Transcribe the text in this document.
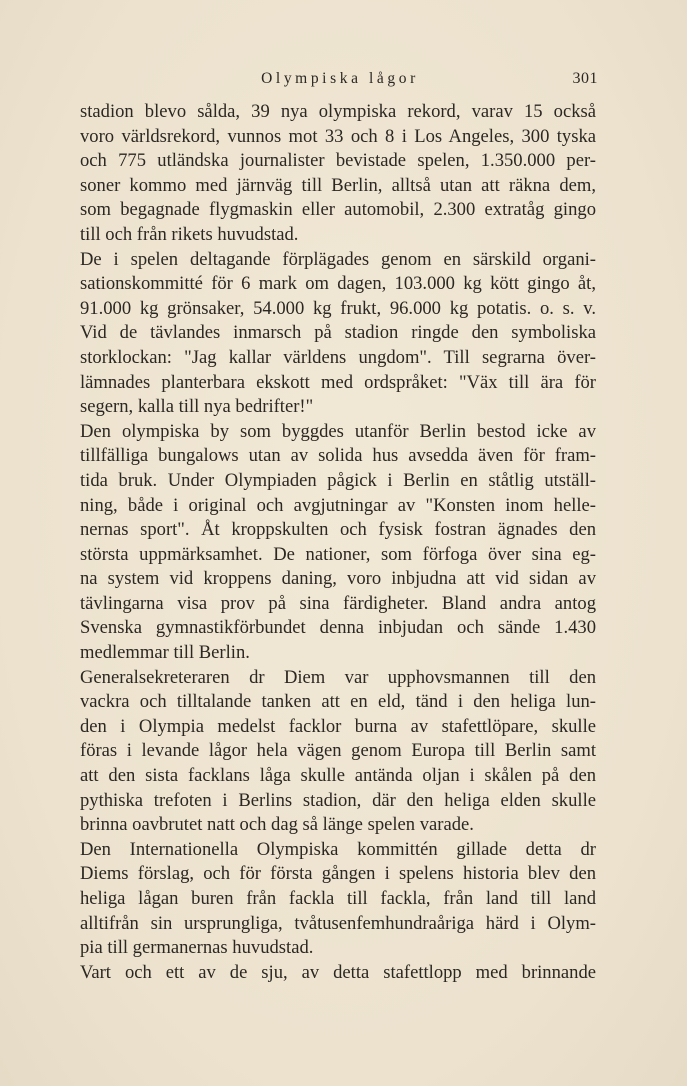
Olympiska lågor	301
stadion blevo sålda, 39 nya olympiska rekord, varav 15 också
voro världsrekord, vunnos mot 33 och 8 i Los Angeles, 300 tyska
och 775 utländska journalister bevistade spelen, 1.350.000 per-
soner kommo med järnväg till Berlin, alltså utan att räkna dem,
som begagnade flygmaskin eller automobil, 2.300 extratåg gingo
till och från rikets huvudstad.
De i spelen deltagande förplägades genom en särskild organi-
sationskommitté för 6 mark om dagen, 103.000 kg kött gingo åt,
91.000 kg grönsaker, 54.000 kg frukt, 96.000 kg potatis. o. s. v.
Vid de tävlandes inmarsch på stadion ringde den symboliska
storklockan: "Jag kallar världens ungdom". Till segrarna över-
lämnades planterbara ekskott med ordspråket: "Väx till ära för
segern, kalla till nya bedrifter!"
Den olympiska by som byggdes utanför Berlin bestod icke av
tillfälliga bungalows utan av solida hus avsedda även för fram-
tida bruk. Under Olympiaden pågick i Berlin en ståtlig utställ-
ning, både i original och avgjutningar av "Konsten inom helle-
nernas sport". Åt kroppskulten och fysisk fostran ägnades den
största uppmärksamhet. De nationer, som förfoga över sina eg-
na system vid kroppens daning, voro inbjudna att vid sidan av
tävlingarna visa prov på sina färdigheter. Bland andra antog
Svenska gymnastikförbundet denna inbjudan och sände 1.430
medlemmar till Berlin.
Generalsekreteraren dr Diem var upphovsmannen till den
vackra och tilltalande tanken att en eld, tänd i den heliga lun-
den i Olympia medelst facklor burna av stafettlöpare, skulle
föras i levande lågor hela vägen genom Europa till Berlin samt
att den sista facklans låga skulle antända oljan i skålen på den
pythiska trefoten i Berlins stadion, där den heliga elden skulle
brinna oavbrutet natt och dag så länge spelen varade.
Den Internationella Olympiska kommittén gillade detta dr
Diems förslag, och för första gången i spelens historia blev den
heliga lågan buren från fackla till fackla, från land till land
alltifrån sin ursprungliga, tvåtusenfemhundraåriga härd i Olym-
pia till germanernas huvudstad.
Vart och ett av de sju, av detta stafettlopp med brinnande
